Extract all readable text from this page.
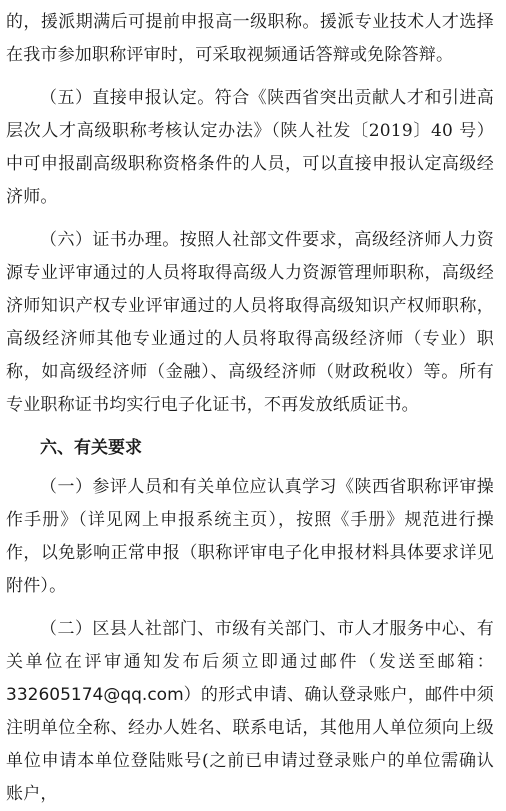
的，援派期满后可提前申报高一级职称。援派专业技术人才选择在我市参加职称评审时，可采取视频通话答辩或免除答辩。

（五）直接申报认定。符合《陕西省突出贡献人才和引进高层次人才高级职称考核认定办法》（陕人社发〔2019〕40 号）中可申报副高级职称资格条件的人员，可以直接申报认定高级经济师。

（六）证书办理。按照人社部文件要求，高级经济师人力资源专业评审通过的人员将取得高级人力资源管理师职称，高级经济师知识产权专业评审通过的人员将取得高级知识产权师职称，高级经济师其他专业通过的人员将取得高级经济师（专业）职称，如高级经济师（金融）、高级经济师（财政税收）等。所有专业职称证书均实行电子化证书，不再发放纸质证书。

六、有关要求

（一）参评人员和有关单位应认真学习《陕西省职称评审操作手册》（详见网上申报系统主页），按照《手册》规范进行操作，以免影响正常申报（职称评审电子化申报材料具体要求详见附件）。

（二）区县人社部门、市级有关部门、市人才服务中心、有关单位在评审通知发布后须立即通过邮件（发送至邮箱：332605174@qq.com）的形式申请、确认登录账户，邮件中须注明单位全称、经办人姓名、联系电话，其他用人单位须向上级单位申请本单位登陆账号(之前已申请过登录账户的单位需确认账户，
